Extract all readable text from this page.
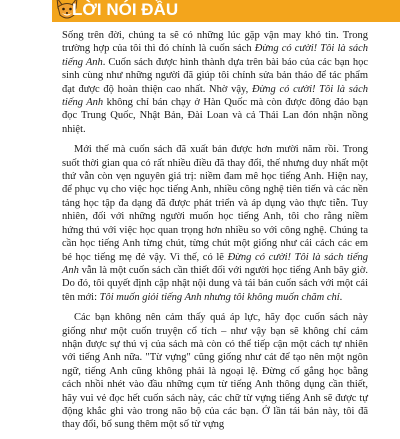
LỜI NÓI ĐẦU

Sống trên đời, chúng ta sẽ có những lúc gặp vận may khó tin. Trong trường hợp của tôi thì đó chính là cuốn sách Đừng có cười! Tôi là sách tiếng Anh. Cuốn sách được hình thành dựa trên bài báo của các bạn học sinh cùng như những người đã giúp tôi chỉnh sửa bản thảo để tác phẩm đạt được độ hoàn thiện cao nhất. Nhờ vậy, Đừng có cười! Tôi là sách tiếng Anh không chỉ bán chạy ở Hàn Quốc mà còn được đông đảo bạn đọc Trung Quốc, Nhật Bản, Đài Loan và cả Thái Lan đón nhận nồng nhiệt.

Mới thế mà cuốn sách đã xuất bản được hơn mười năm rồi. Trong suốt thời gian qua có rất nhiều điều đã thay đổi, thế nhưng duy nhất một thứ vẫn còn vẹn nguyên giá trị: niềm đam mê học tiếng Anh. Hiện nay, để phục vụ cho việc học tiếng Anh, nhiều công nghệ tiên tiến và các nền tảng học tập đa dạng đã được phát triển và áp dụng vào thực tiễn. Tuy nhiên, đối với những người muốn học tiếng Anh, tôi cho rằng niềm hứng thú với việc học quan trọng hơn nhiều so với công nghệ. Chúng ta cần học tiếng Anh từng chút, từng chút một giống như cái cách các em bé học tiếng mẹ đẻ vậy. Vì thế, có lẽ Đừng có cười! Tôi là sách tiếng Anh vẫn là một cuốn sách cần thiết đối với người học tiếng Anh bây giờ. Do đó, tôi quyết định cập nhật nội dung và tái bản cuốn sách với một cái tên mới: Tôi muốn giỏi tiếng Anh nhưng tôi không muốn chăm chỉ.

Các bạn không nên cảm thấy quá áp lực, hãy đọc cuốn sách này giống như một cuốn truyện cổ tích – như vậy bạn sẽ không chỉ cảm nhận được sự thú vị của sách mà còn có thể tiếp cận một cách tự nhiên với tiếng Anh nữa. "Từ vựng" cũng giống như cát để tạo nên một ngôn ngữ, tiếng Anh cũng không phải là ngoại lệ. Đừng cố gắng học bằng cách nhồi nhét vào đầu những cụm từ tiếng Anh thông dụng cần thiết, hãy vui vẻ đọc hết cuốn sách này, các chữ từ vựng tiếng Anh sẽ được tự động khắc ghi vào trong não bộ của các bạn. Ở lần tái bản này, tôi đã thay đổi, bổ sung thêm một số từ vựng
